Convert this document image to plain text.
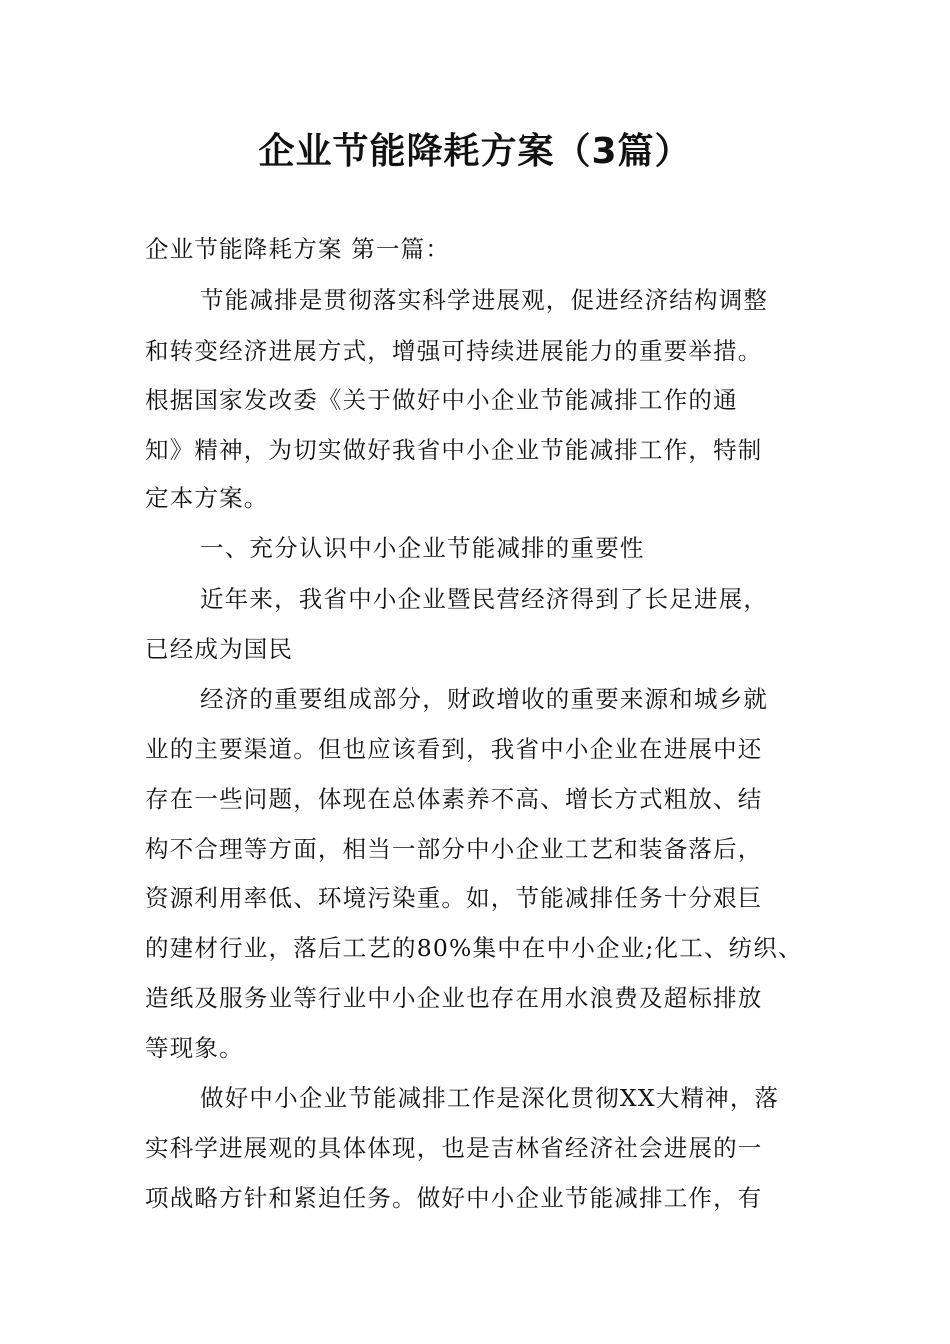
企业节能降耗方案（3篇）
企业节能降耗方案 第一篇：
节能减排是贯彻落实科学进展观，促进经济结构调整
和转变经济进展方式，增强可持续进展能力的重要举措。
根据国家发改委《关于做好中小企业节能减排工作的通
知》精神，为切实做好我省中小企业节能减排工作，特制
定本方案。
一、充分认识中小企业节能减排的重要性
近年来，我省中小企业暨民营经济得到了长足进展，
已经成为国民
经济的重要组成部分，财政增收的重要来源和城乡就
业的主要渠道。但也应该看到，我省中小企业在进展中还
存在一些问题，体现在总体素养不高、增长方式粗放、结
构不合理等方面，相当一部分中小企业工艺和装备落后，
资源利用率低、环境污染重。如，节能减排任务十分艰巨
的建材行业，落后工艺的80%集中在中小企业;化工、纺织、
造纸及服务业等行业中小企业也存在用水浪费及超标排放
等现象。
做好中小企业节能减排工作是深化贯彻XX大精神，落
实科学进展观的具体体现，也是吉林省经济社会进展的一
项战略方针和紧迫任务。做好中小企业节能减排工作，有
